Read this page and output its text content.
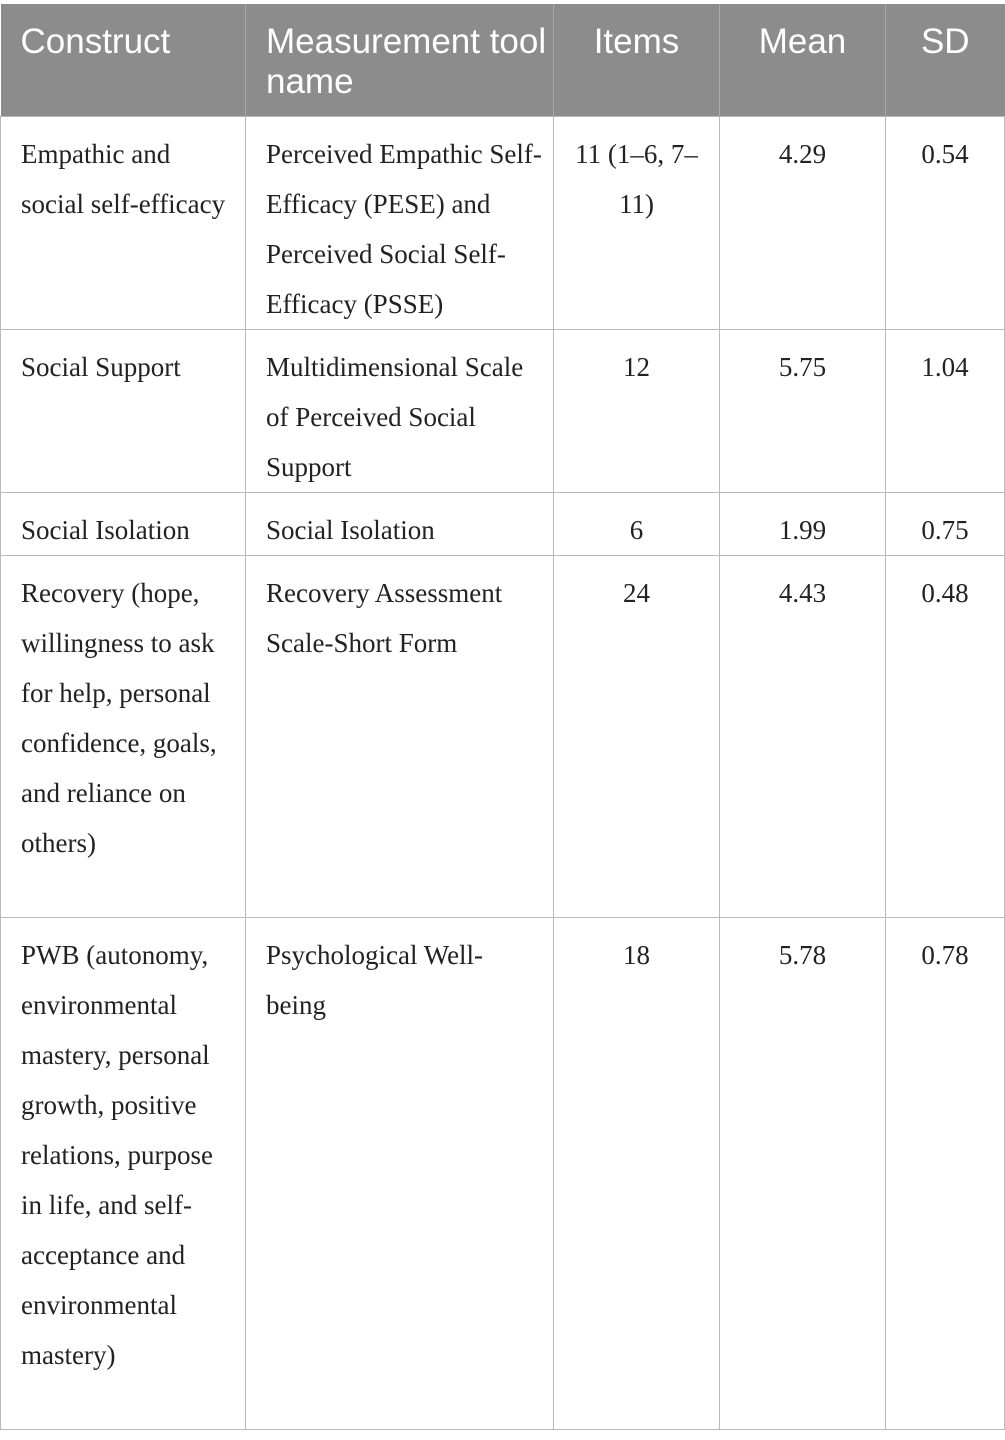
Construct	Measurement tool name	Items	Mean	SD
Empathic and social self-efficacy	Perceived Empathic Self-Efficacy (PESE) and Perceived Social Self-Efficacy (PSSE)	11 (1–6, 7–11)	4.29	0.54
Social Support	Multidimensional Scale of Perceived Social Support	12	5.75	1.04
Social Isolation	Social Isolation	6	1.99	0.75
Recovery (hope, willingness to ask for help, personal confidence, goals, and reliance on others)	Recovery Assessment Scale-Short Form	24	4.43	0.48
PWB (autonomy, environmental mastery, personal growth, positive relations, purpose in life, and self-acceptance and environmental mastery)	Psychological Well-being	18	5.78	0.78
